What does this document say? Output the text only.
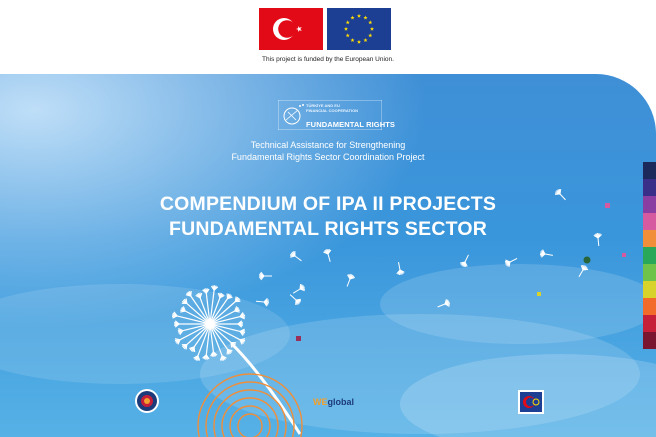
This project is funded by the European Union.
TÜRKİYE AND EU
FINANCIAL COOPERATION
FUNDAMENTAL RIGHTS
Technical Assistance for Strengthening
Fundamental Rights Sector Coordination Project
COMPENDIUM OF IPA II PROJECTS
FUNDAMENTAL RIGHTS SECTOR
WEglobal
